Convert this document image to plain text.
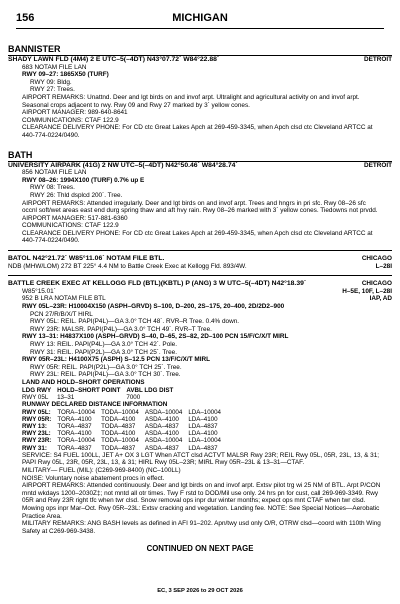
156	MICHIGAN
BANNISTER
SHADY LAWN FLD (4M4) 2 E UTC–5(–4DT) N43°07.72´ W84°22.88´	DETROIT
683 NOTAM FILE LAN
RWY 09–27: 1865X50 (TURF)
RWY 09: Bldg.
RWY 27: Trees.
AIRPORT REMARKS: Unattnd. Deer and lgt birds on and invof arpt. Ultralight and agricultural activity on and invof arpt. Seasonal crops adjacent to rwy. Rwy 09 and Rwy 27 marked by 3´ yellow cones.
AIRPORT MANAGER: 989-640-8641
COMMUNICATIONS: CTAF 122.9
CLEARANCE DELIVERY PHONE: For CD ctc Great Lakes Apch at 269-459-3345, when Apch clsd ctc Cleveland ARTCC at 440-774-0224/0490.
BATH
UNIVERSITY AIRPARK (41G) 2 NW UTC–5(–4DT) N42°50.46´ W84°28.74´	DETROIT
856 NOTAM FILE LAN
RWY 08–26: 1994X100 (TURF) 0.7% up E
RWY 08: Trees.
RWY 26: Thld dsplcd 200´. Tree.
AIRPORT REMARKS: Attended irregularly. Deer and lgt birds on and invof arpt. Trees and hngrs in pri sfc. Rwy 08–26 sfc occnl soft/wet areas east end durg spring thaw and aft hvy rain. Rwy 08–26 marked with 3´ yellow cones. Tiedowns not prvdd.
AIRPORT MANAGER: 517-881-6360
COMMUNICATIONS: CTAF 122.9
CLEARANCE DELIVERY PHONE: For CD ctc Great Lakes Apch at 269-459-3345, when Apch clsd ctc Cleveland ARTCC at 440-774-0224/0490.
BATOL N42°21.72´ W85°11.06´ NOTAM FILE BTL.	CHICAGO
NDB (MHW/LOM) 272 BT 225° 4.4 NM to Battle Creek Exec at Kellogg Fld. 893/4W.	L–28I
BATTLE CREEK EXEC AT KELLOGG FLD (BTL)(KBTL) P (ANG) 3 W UTC–5(–4DT) N42°18.39´	CHICAGO
W85°15.01´	H–5E, 10F, L–28I
952 B LRA NOTAM FILE BTL	IAP, AD
RWY 05L–23R: H10004X150 (ASPH–GRVD) S–100, D–200, 2S–175, 20–400, 2D/2D2–900
PCN 27/R/B/X/T HIRL
RWY 05L: REIL. PAPI(P4L)—GA 3.0° TCH 48´. RVR–R Tree. 0.4% down.
RWY 23R: MALSR. PAPI(P4L)—GA 3.0° TCH 49´. RVR–T Tree.
RWY 13–31: H4837X100 (ASPH–GRVD) S–40, D–65, 2S–82, 2D–100 PCN 15/F/C/X/T MIRL
RWY 13: REIL. PAPI(P4L)—GA 3.0° TCH 42´. Pole.
RWY 31: REIL. PAPI(P2L)—GA 3.0° TCH 25´. Tree.
RWY 05R–23L: H4100X75 (ASPH) S–12.5 PCN 13/F/C/X/T MIRL
RWY 05R: REIL. PAPI(P2L)—GA 3.0° TCH 25´. Tree.
RWY 23L: REIL. PAPI(P4L)—GA 3.0° TCH 30´. Tree.
LAND AND HOLD–SHORT OPERATIONS
LDG RWY	HOLD–SHORT POINT	AVBL LDG DIST
RWY 05L	13–31	7000
RUNWAY DECLARED DISTANCE INFORMATION
RWY 05L:	TORA–10004	TODA–10004	ASDA–10004	LDA–10004
RWY 05R:	TORA–4100	TODA–4100	ASDA–4100	LDA–4100
RWY 13:	TORA–4837	TODA–4837	ASDA–4837	LDA–4837
RWY 23L:	TORA–4100	TODA–4100	ASDA–4100	LDA–4100
RWY 23R:	TORA–10004	TODA–10004	ASDA–10004	LDA–10004
RWY 31:	TORA–4837	TODA–4837	ASDA–4837	LDA–4837
SERVICE: S4 FUEL 100LL, JET A+ OX 3 LGT When ATCT clsd ACTVT MALSR Rwy 23R; REIL Rwy 05L, 05R, 23L, 13, & 31; PAPI Rwy 05L, 23R, 05R, 23L, 13, & 31; HIRL Rwy 05L–23R; MIRL Rwy 05R–23L & 13–31—CTAF.
MILITARY— FUEL (MIL): (C269-969-8400) (NC–100LL)
NOISE: Voluntary noise abatement procs in effect.
AIRPORT REMARKS: Attended continuously. Deer and lgt birds on and invof arpt. Extsv pilot trg wi 25 NM of BTL. Arpt P/CON mntd wkdays 1200–2030Z‡; not mntd all otr times. Twy F rstd to DOD/Mil use only. 24 hrs pn for cust, call 269-969-3349. Rwy 05R and Rwy 23R right tfc when twr clsd. Snow removal ops inpr dur winter months; expect ops mnt CTAF when twr clsd. Mowing ops inpr Mar–Oct. Rwy 05R–23L: Extsv cracking and vegetation. Landing fee. NOTE: See Special Notices—Aerobatic Practice Area.
MILITARY REMARKS: ANG BASH levels as defined in AFI 91–202. Apn/twy usd only O/R, OTRW clsd—coord with 110th Wing Safety at C269-969-3438.
CONTINUED ON NEXT PAGE
EC, 3 SEP 2026 to 29 OCT 2026
